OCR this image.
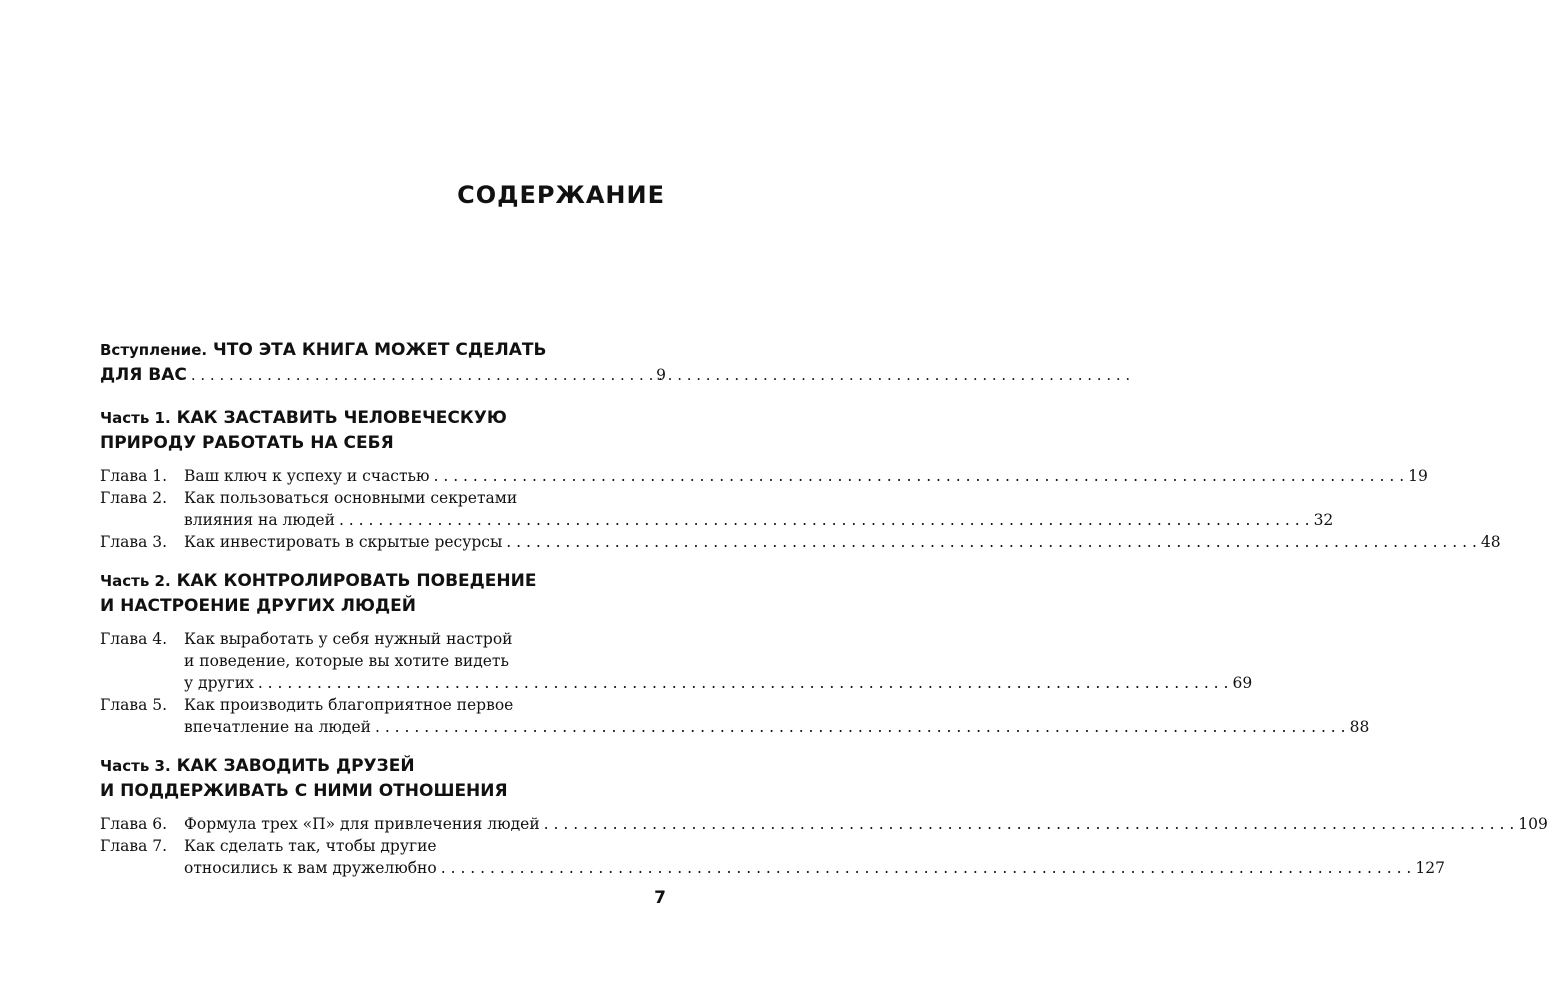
СОДЕРЖАНИЕ
Вступление. ЧТО ЭТА КНИГА МОЖЕТ СДЕЛАТЬ
ДЛЯ ВАС . . .	9
Часть 1. КАК ЗАСТАВИТЬ ЧЕЛОВЕЧЕСКУЮ
ПРИРОДУ РАБОТАТЬ НА СЕБЯ
Глава 1.	Ваш ключ к успеху и счастью . . .	19
Глава 2.	Как пользоваться основными секретами
влияния на людей . . .	32
Глава 3.	Как инвестировать в скрытые ресурсы . . .	48
Часть 2. КАК КОНТРОЛИРОВАТЬ ПОВЕДЕНИЕ
И НАСТРОЕНИЕ ДРУГИХ ЛЮДЕЙ
Глава 4.	Как выработать у себя нужный настрой
и поведение, которые вы хотите видеть
у других . . .	69
Глава 5.	Как производить благоприятное первое
впечатление на людей . . .	88
Часть 3. КАК ЗАВОДИТЬ ДРУЗЕЙ
И ПОДДЕРЖИВАТЬ С НИМИ ОТНОШЕНИЯ
Глава 6.	Формула трех «П» для привлечения людей . . .	109
Глава 7.	Как сделать так, чтобы другие
относились к вам дружелюбно . . .	127
7
